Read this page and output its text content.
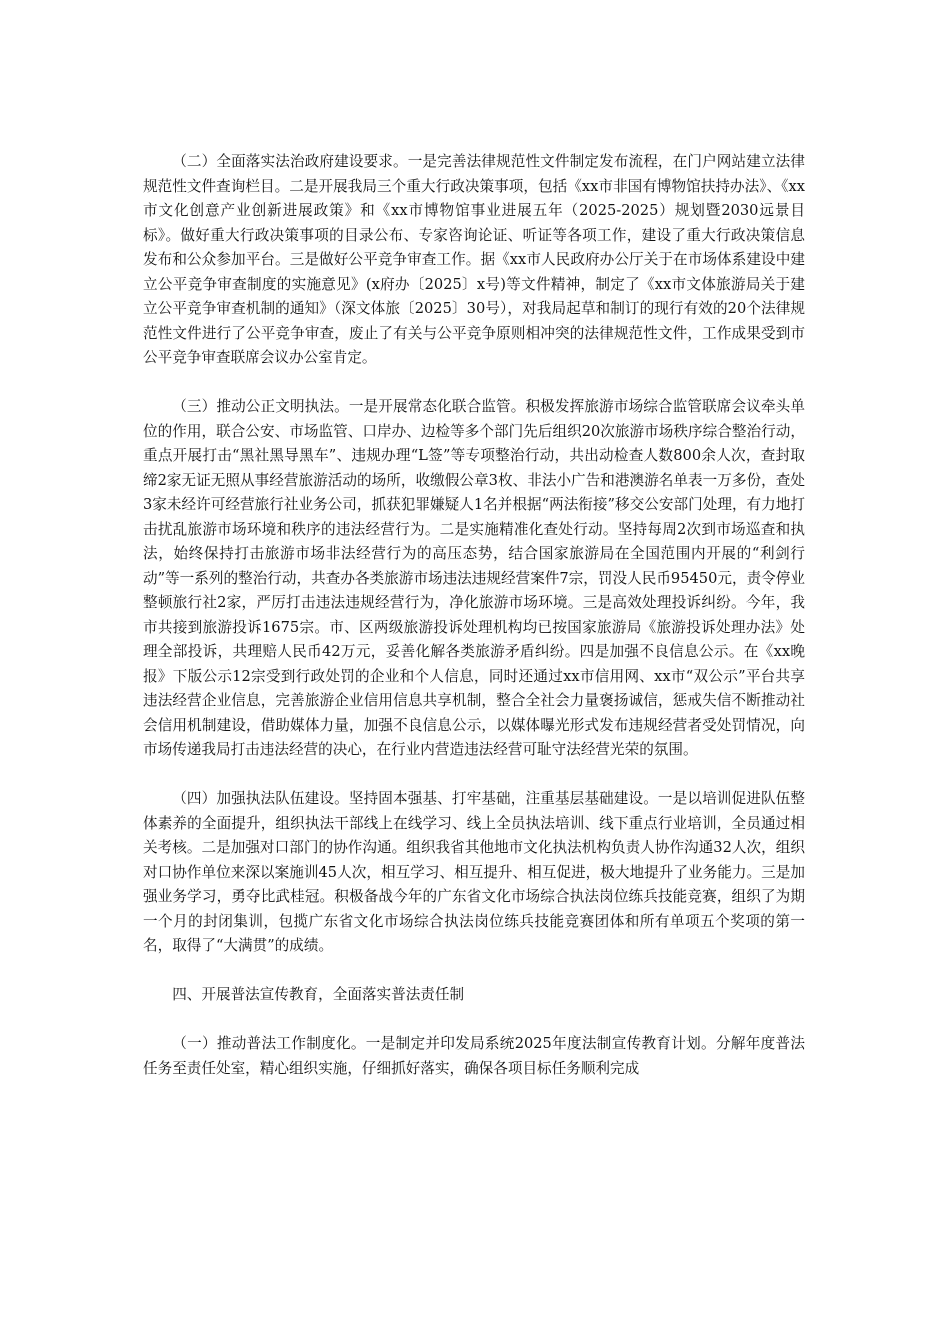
（二）全面落实法治政府建设要求。一是完善法律规范性文件制定发布流程，在门户网站建立法律规范性文件查询栏目。二是开展我局三个重大行政决策事项，包括《xx市非国有博物馆扶持办法》、《xx市文化创意产业创新进展政策》和《xx市博物馆事业进展五年（2025-2025）规划暨2030远景目标》。做好重大行政决策事项的目录公布、专家咨询论证、听证等各项工作，建设了重大行政决策信息发布和公众参加平台。三是做好公平竞争审查工作。据《xx市人民政府办公厅关于在市场体系建设中建立公平竞争审查制度的实施意见》(x府办〔2025〕x号)等文件精神，制定了《xx市文体旅游局关于建立公平竞争审查机制的通知》（深文体旅〔2025〕30号），对我局起草和制订的现行有效的20个法律规范性文件进行了公平竞争审查，废止了有关与公平竞争原则相冲突的法律规范性文件，工作成果受到市公平竞争审查联席会议办公室肯定。

（三）推动公正文明执法。一是开展常态化联合监管。积极发挥旅游市场综合监管联席会议牵头单位的作用，联合公安、市场监管、口岸办、边检等多个部门先后组织20次旅游市场秩序综合整治行动，重点开展打击“黑社黑导黑车”、违规办理“L签”等专项整治行动，共出动检查人数800余人次，查封取缔2家无证无照从事经营旅游活动的场所，收缴假公章3枚、非法小广告和港澳游名单表一万多份，查处3家未经许可经营旅行社业务公司，抓获犯罪嫌疑人1名并根据“两法衔接”移交公安部门处理，有力地打击扰乱旅游市场环境和秩序的违法经营行为。二是实施精准化查处行动。坚持每周2次到市场巡查和执法，始终保持打击旅游市场非法经营行为的高压态势，结合国家旅游局在全国范围内开展的“利剑行动”等一系列的整治行动，共查办各类旅游市场违法违规经营案件7宗，罚没人民币95450元，责令停业整顿旅行社2家，严厉打击违法违规经营行为，净化旅游市场环境。三是高效处理投诉纠纷。今年，我市共接到旅游投诉1675宗。市、区两级旅游投诉处理机构均已按国家旅游局《旅游投诉处理办法》处理全部投诉，共理赔人民币42万元，妥善化解各类旅游矛盾纠纷。四是加强不良信息公示。在《xx晚报》下版公示12宗受到行政处罚的企业和个人信息，同时还通过xx市信用网、xx市“双公示”平台共享违法经营企业信息，完善旅游企业信用信息共享机制，整合全社会力量褒扬诚信，惩戒失信不断推动社会信用机制建设，借助媒体力量，加强不良信息公示，以媒体曝光形式发布违规经营者受处罚情况，向市场传递我局打击违法经营的决心，在行业内营造违法经营可耻守法经营光荣的氛围。

（四）加强执法队伍建设。坚持固本强基、打牢基础，注重基层基础建设。一是以培训促进队伍整体素养的全面提升，组织执法干部线上在线学习、线上全员执法培训、线下重点行业培训，全员通过相关考核。二是加强对口部门的协作沟通。组织我省其他地市文化执法机构负责人协作沟通32人次，组织对口协作单位来深以案施训45人次，相互学习、相互提升、相互促进，极大地提升了业务能力。三是加强业务学习，勇夺比武桂冠。积极备战今年的广东省文化市场综合执法岗位练兵技能竞赛，组织了为期一个月的封闭集训，包揽广东省文化市场综合执法岗位练兵技能竞赛团体和所有单项五个奖项的第一名，取得了“大满贯”的成绩。

四、开展普法宣传教育，全面落实普法责任制

（一）推动普法工作制度化。一是制定并印发局系统2025年度法制宣传教育计划。分解年度普法任务至责任处室，精心组织实施，仔细抓好落实，确保各项目标任务顺利完成
